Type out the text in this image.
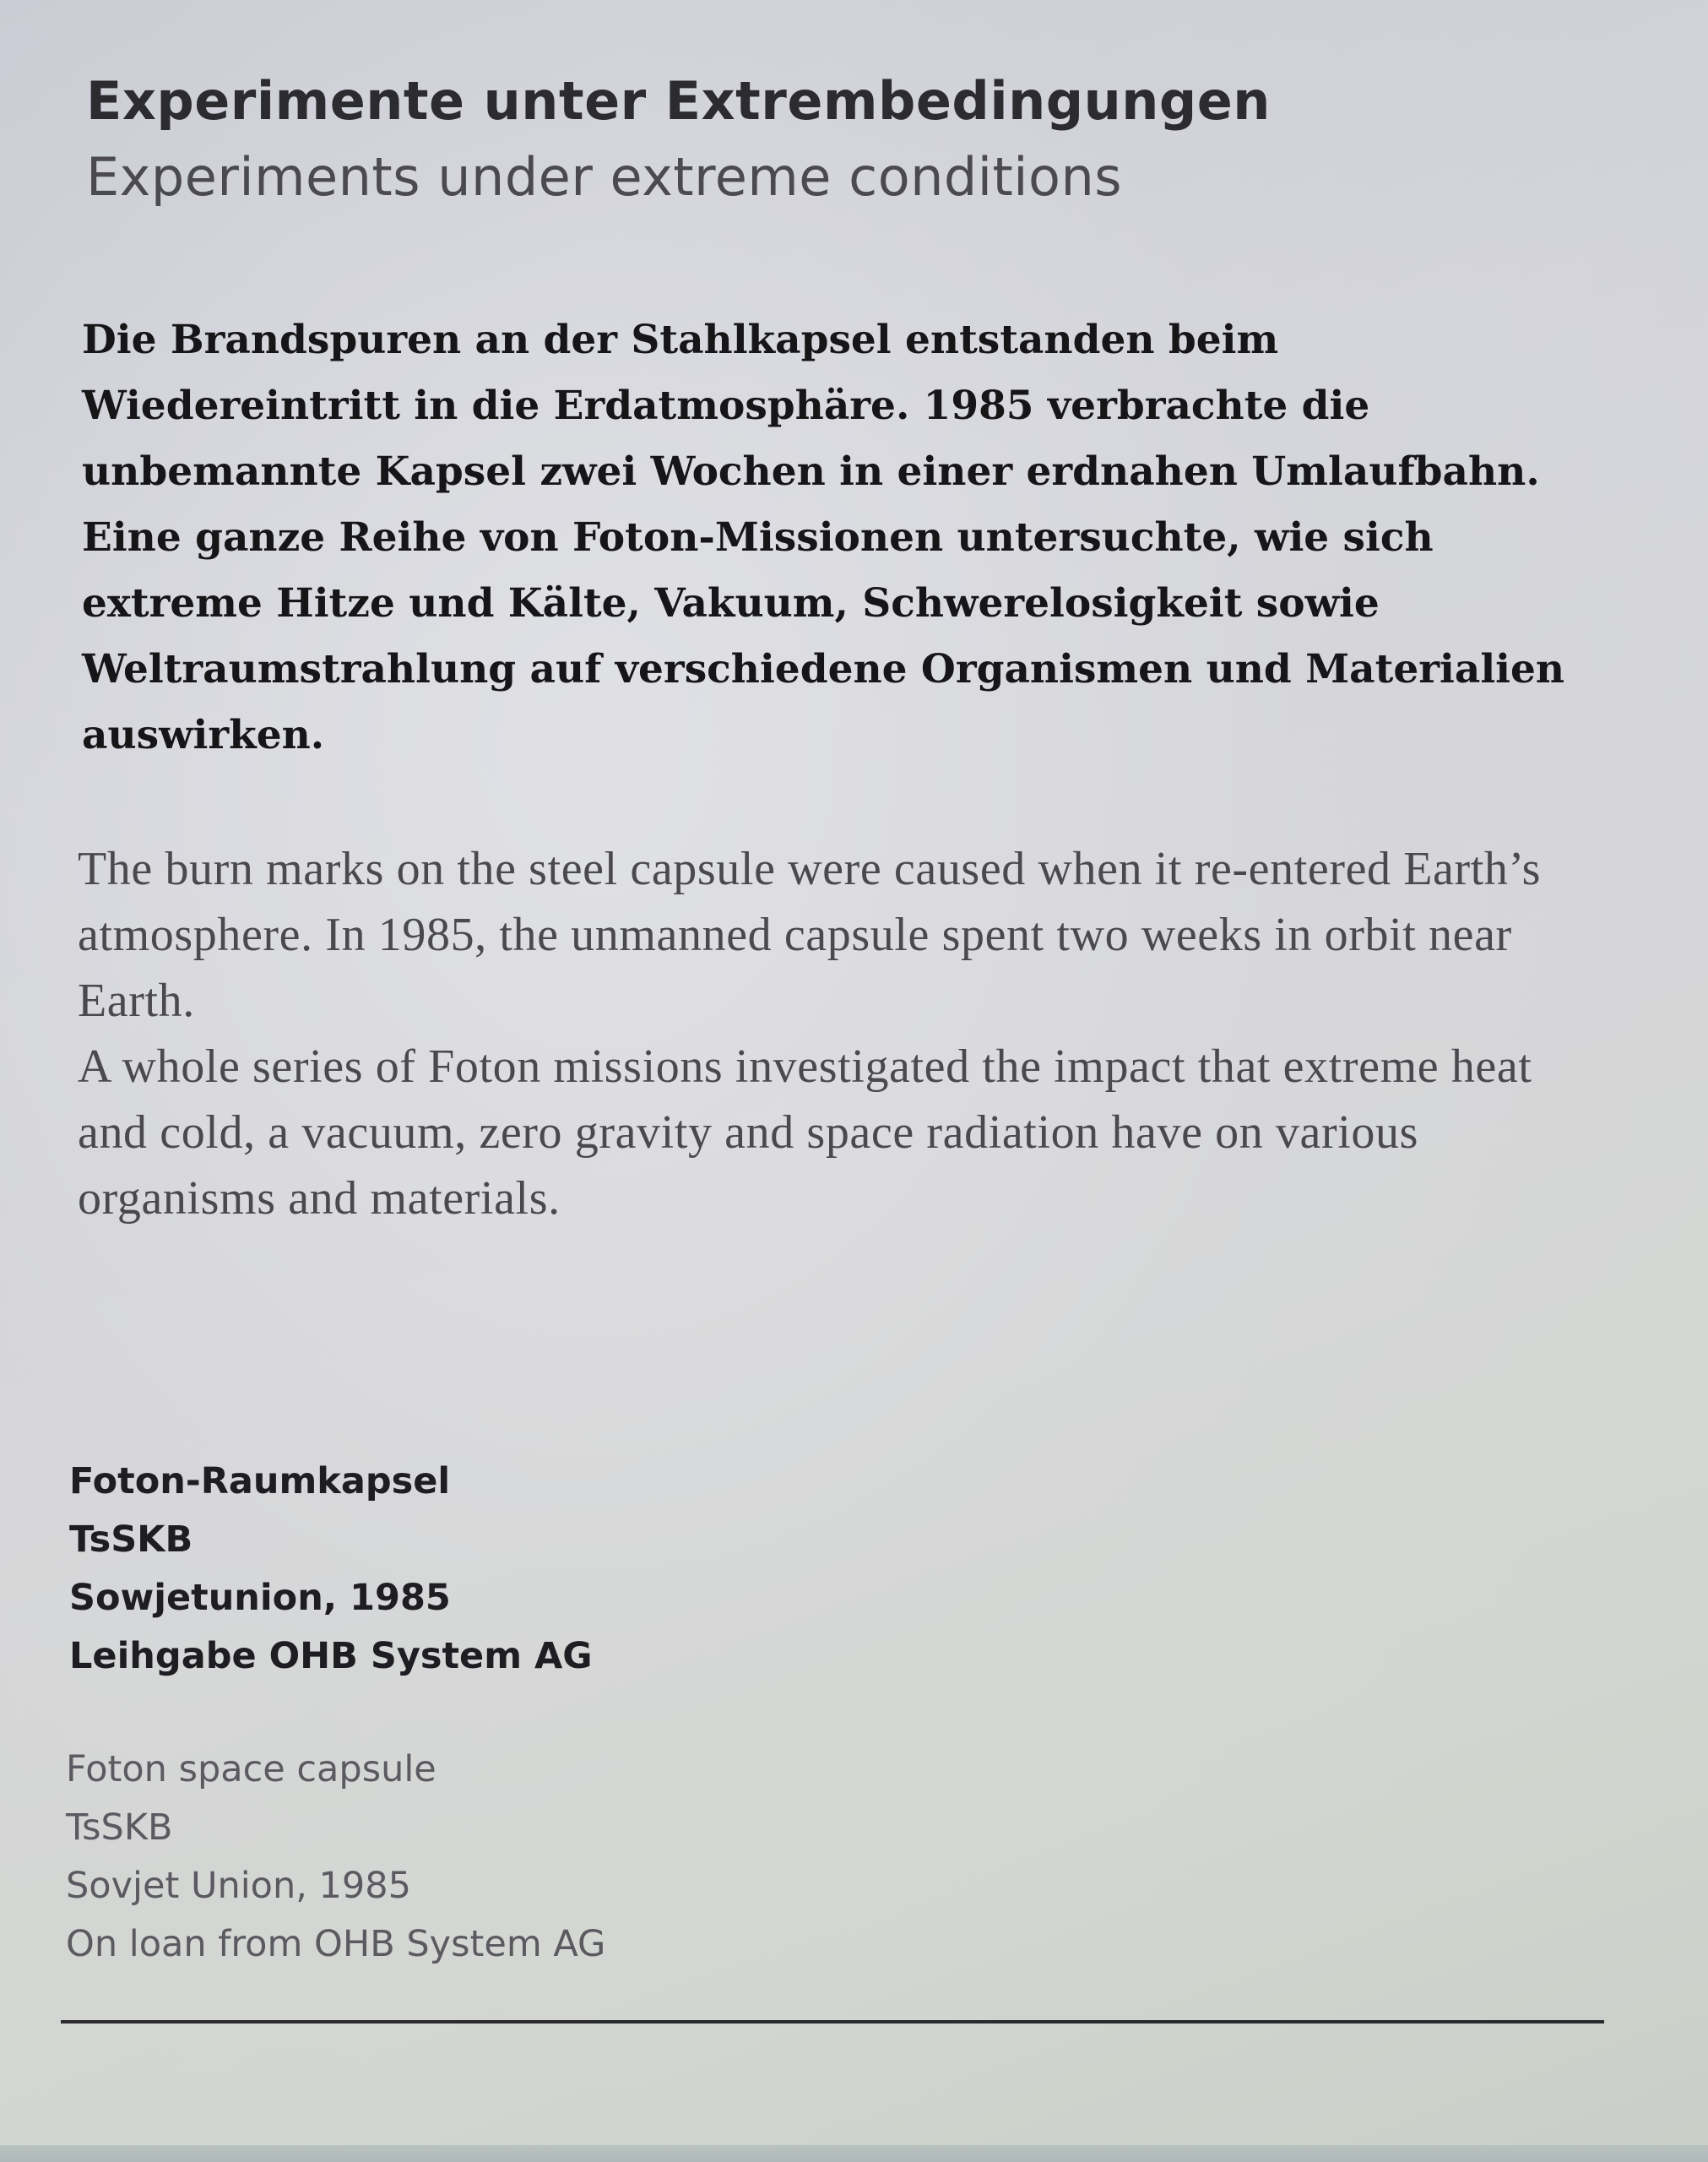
Experimente unter Extrembedingungen
Experiments under extreme conditions

Die Brandspuren an der Stahlkapsel entstanden beim Wiedereintritt in die Erdatmosphäre. 1985 verbrachte die unbemannte Kapsel zwei Wochen in einer erdnahen Umlaufbahn.

Eine ganze Reihe von Foton-Missionen untersuchte, wie sich extreme Hitze und Kälte, Vakuum, Schwerelosigkeit sowie Weltraumstrahlung auf verschiedene Organismen und Materialien auswirken.

The burn marks on the steel capsule were caused when it re-entered Earth’s atmosphere. In 1985, the unmanned capsule spent two weeks in orbit near Earth.

A whole series of Foton missions investigated the impact that extreme heat and cold, a vacuum, zero gravity and space radiation have on various organisms and materials.

Foton-Raumkapsel
TsSKB
Sowjetunion, 1985
Leihgabe OHB System AG
Foton space capsule
TsSKB
Sovjet Union, 1985
On loan from OHB System AG
